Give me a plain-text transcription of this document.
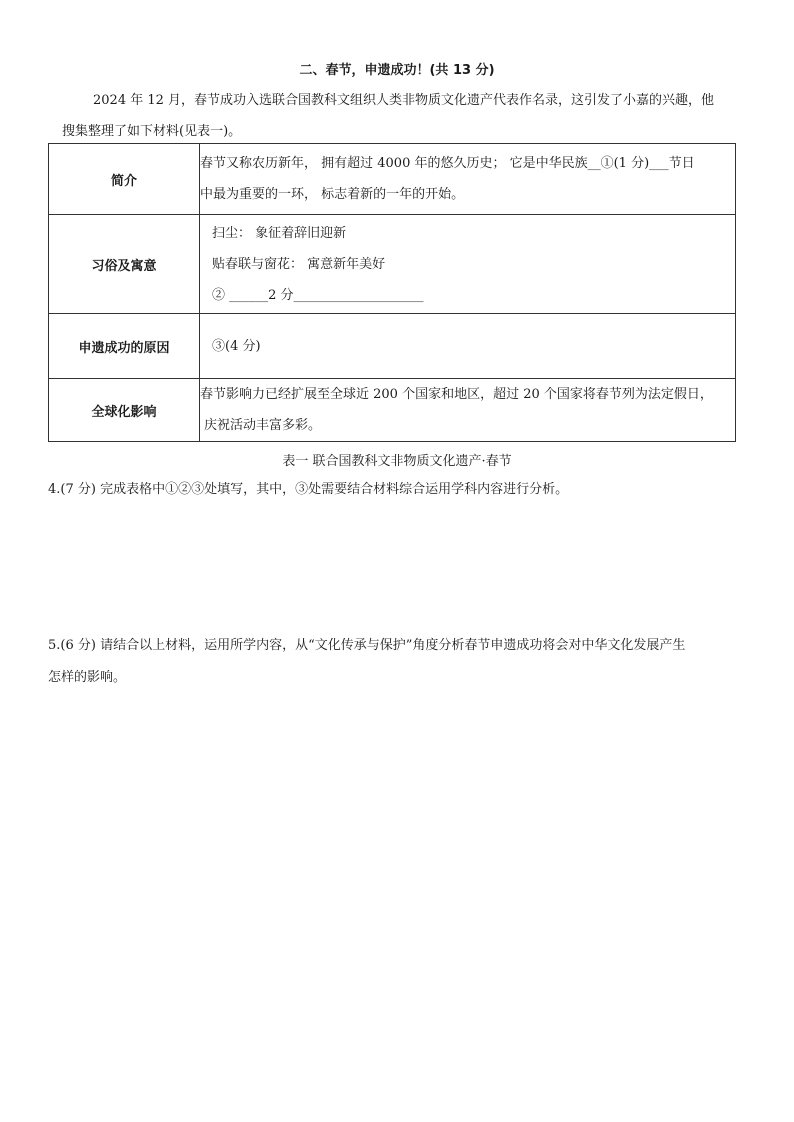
二、春节，申遗成功！(共 13 分)
2024 年 12 月，春节成功入选联合国教科文组织人类非物质文化遗产代表作名录，这引发了小嘉的兴趣，他
搜集整理了如下材料(见表一)。
简介	春节又称农历新年， 拥有超过 4000 年的悠久历史； 它是中华民族__①(1 分)___节日
中最为重要的一环， 标志着新的一年的开始。

习俗及寓意	扫尘： 象征着辞旧迎新
贴春联与窗花： 寓意新年美好
② ______2 分____________________

申遗成功的原因	③(4 分)

全球化影响	春节影响力已经扩展至全球近 200 个国家和地区，超过 20 个国家将春节列为法定假日，
庆祝活动丰富多彩。
表一 联合国教科文非物质文化遗产·春节
4.(7 分) 完成表格中①②③处填写，其中，③处需要结合材料综合运用学科内容进行分析。
5.(6 分) 请结合以上材料，运用所学内容，从“文化传承与保护”角度分析春节申遗成功将会对中华文化发展产生
怎样的影响。
